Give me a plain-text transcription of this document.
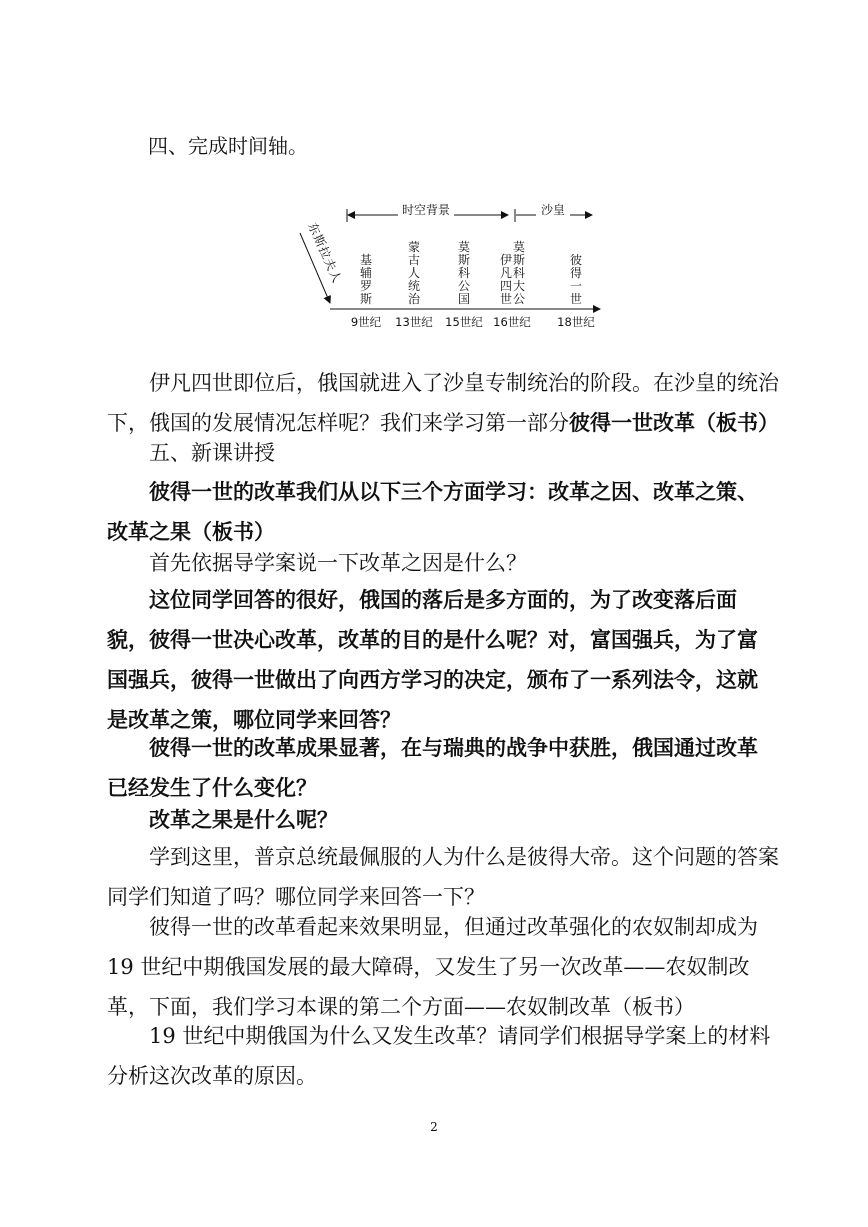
四、完成时间轴。
时空背景	沙皇
东斯拉夫人 基
辅
罗
斯
9世纪
蒙
古
人
统
治
13世纪
莫
斯
科
公
国
15世纪
伊
凡
四
世
莫
斯
科
大
公
16世纪
彼
得
一
世
18世纪
伊凡四世即位后，俄国就进入了沙皇专制统治的阶段。在沙皇的统治
下，俄国的发展情况怎样呢？我们来学习第一部分彼得一世改革（板书）
五、新课讲授
彼得一世的改革我们从以下三个方面学习：改革之因、改革之策、
改革之果（板书）
首先依据导学案说一下改革之因是什么？
这位同学回答的很好，俄国的落后是多方面的，为了改变落后面
貌，彼得一世决心改革，改革的目的是什么呢？对，富国强兵，为了富
国强兵，彼得一世做出了向西方学习的决定，颁布了一系列法令，这就
是改革之策，哪位同学来回答？
彼得一世的改革成果显著，在与瑞典的战争中获胜，俄国通过改革
已经发生了什么变化？
改革之果是什么呢？
学到这里，普京总统最佩服的人为什么是彼得大帝。这个问题的答案
同学们知道了吗？哪位同学来回答一下？
彼得一世的改革看起来效果明显，但通过改革强化的农奴制却成为
19 世纪中期俄国发展的最大障碍，又发生了另一次改革——农奴制改
革，下面，我们学习本课的第二个方面——农奴制改革（板书）
19 世纪中期俄国为什么又发生改革？请同学们根据导学案上的材料
分析这次改革的原因。
2
